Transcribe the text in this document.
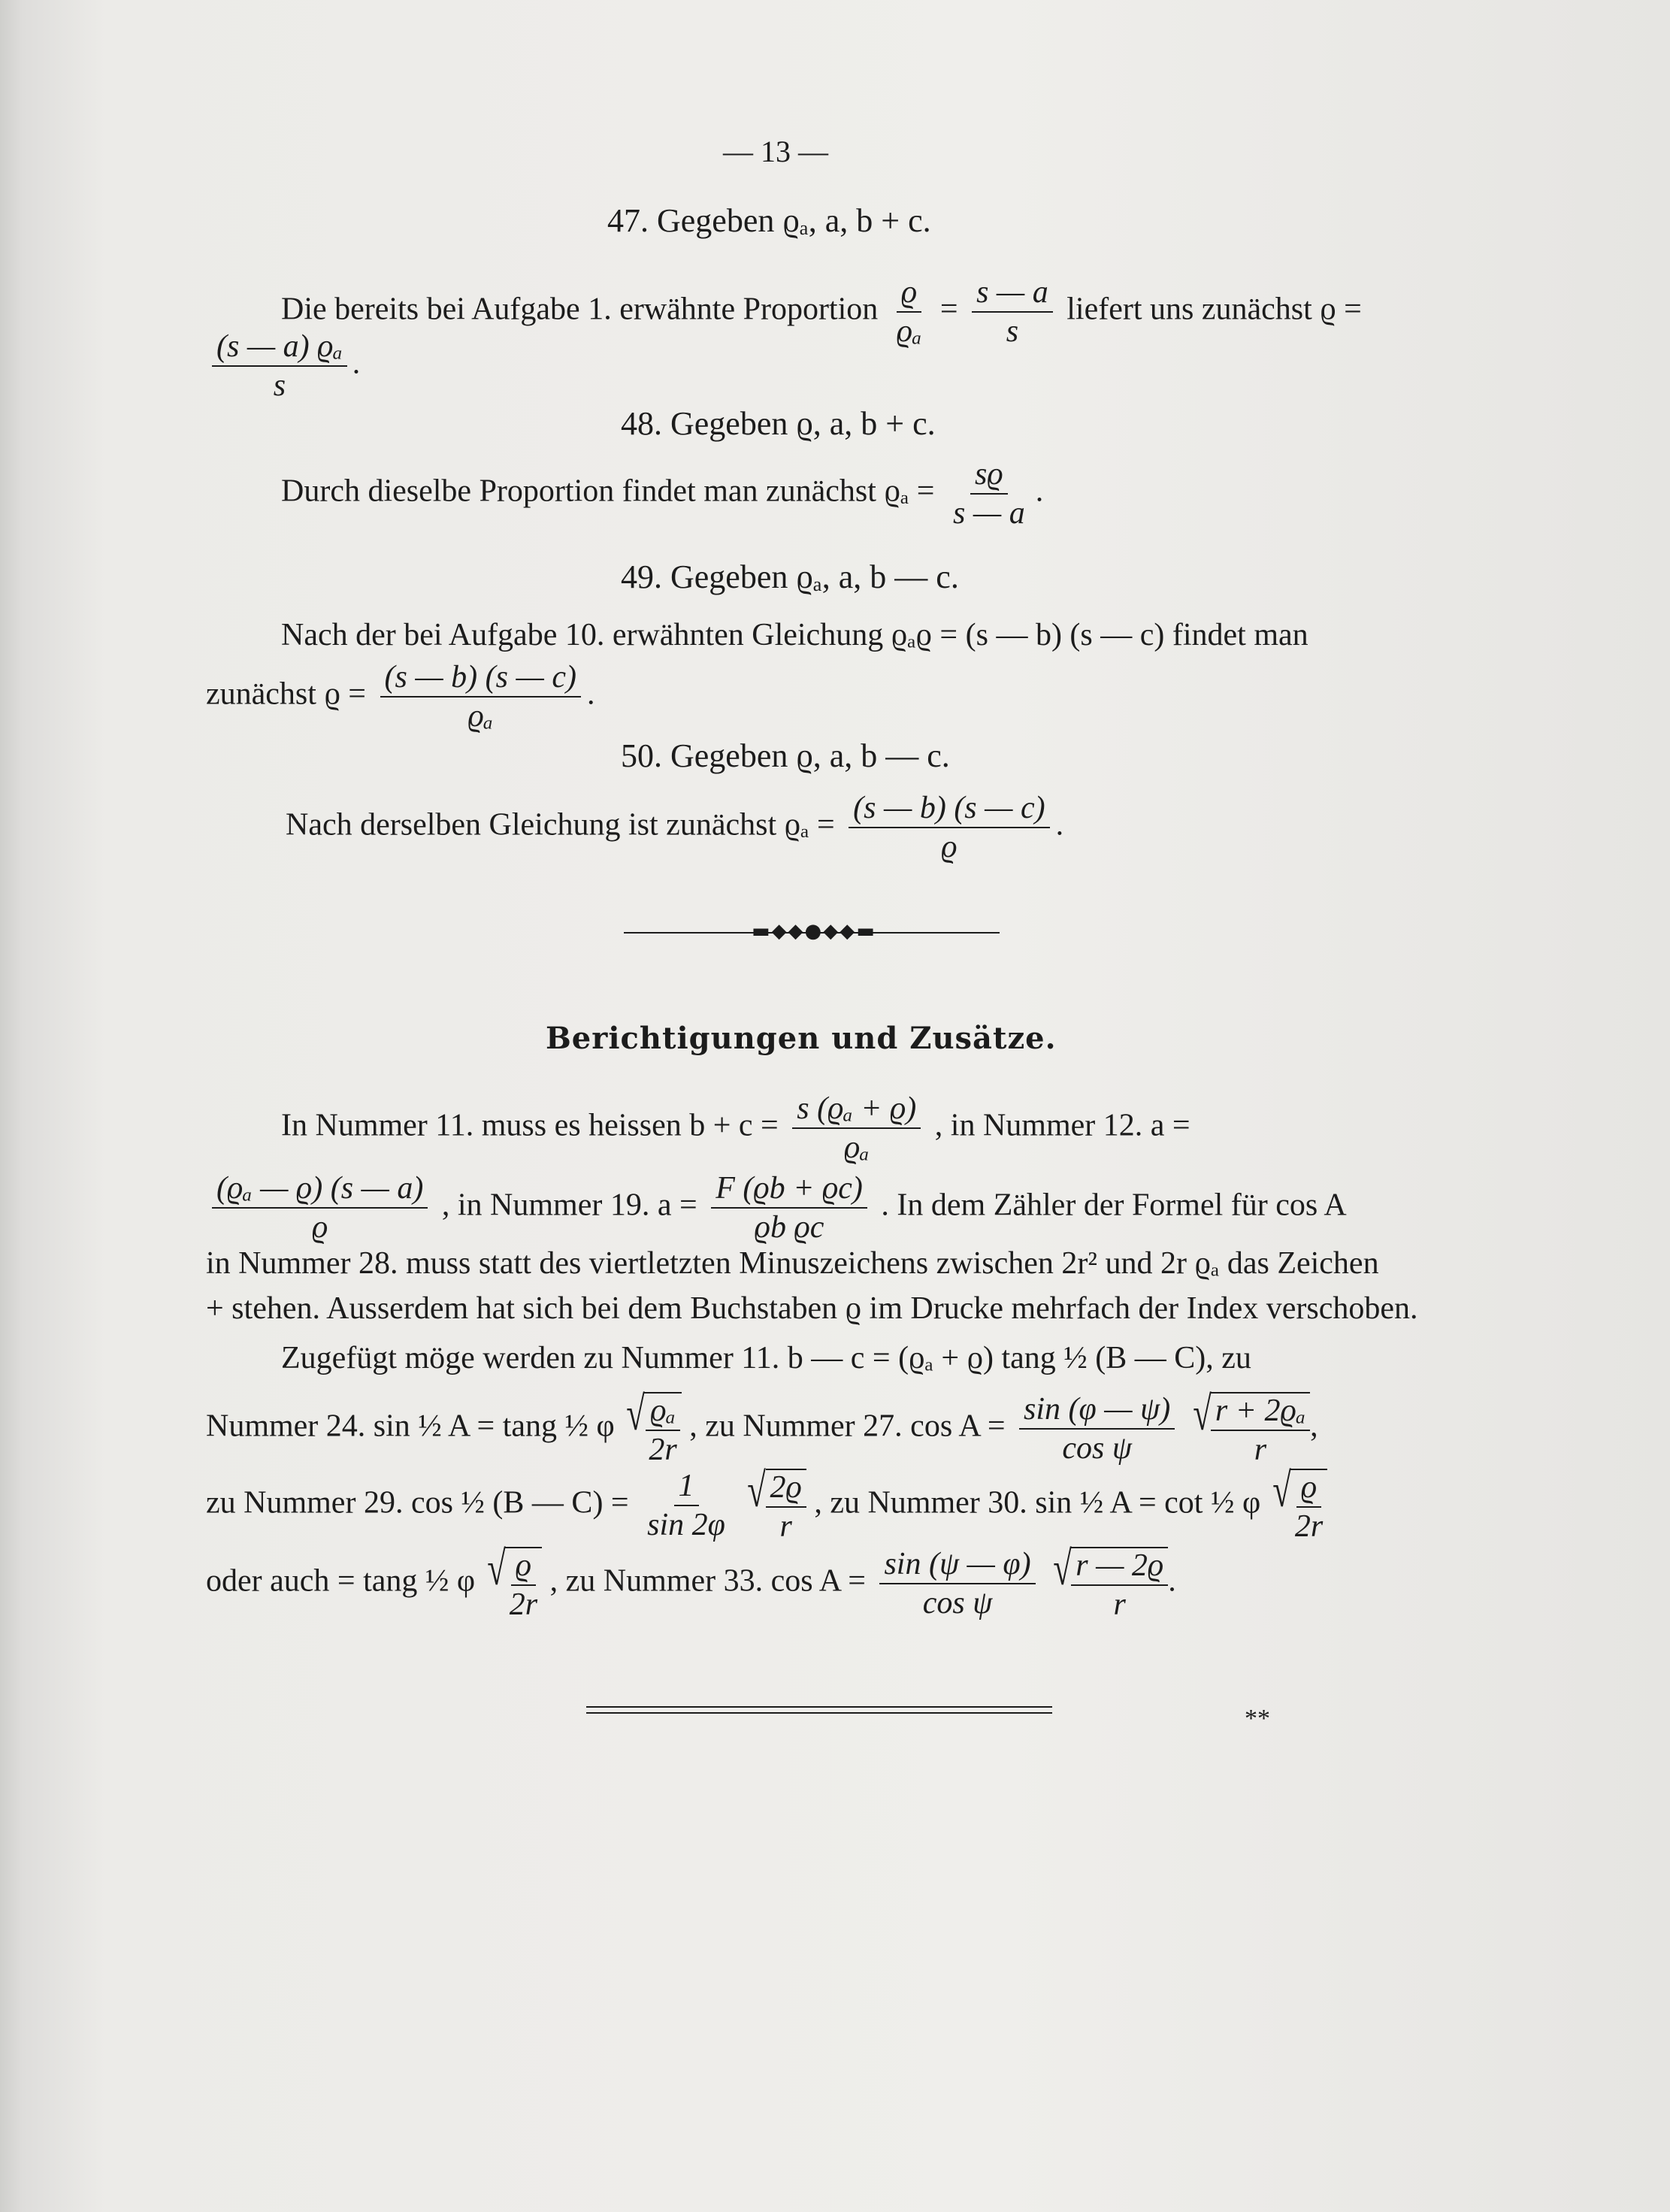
— 13 —
47. Gegeben ϱₐ, a, b + c.
Die bereits bei Aufgabe 1. erwähnte Proportion $\frac{ϱ}{\text{ϱₐ}} = \frac{s — a}{s}$ liefert uns zunächst ϱ =
$\frac{\text{(s — a) ϱₐ}}{s}$ .
48. Gegeben ϱ, a, b + c.
Durch dieselbe Proportion findet man zunächst $ϱ_a = \frac{sϱ}{s — a}$ .
49. Gegeben ϱₐ, a, b — c.
Nach der bei Aufgabe 10. erwähnten Gleichung ϱₐϱ = (s — b) (s — c) findet man
zunächst $ϱ = \frac{(s — b) (s — c)}{\text{ϱₐ}}$ .
50. Gegeben ϱ, a, b — c.
Nach derselben Gleichung ist zunächst $ϱ_a = \frac{(s — b) (s — c)}{ϱ}$ .
▬◆◆●◆◆▬
Berichtigungen und Zusätze.
In Nummer 11. muss es heissen $b + c = \frac{\text{s (ϱₐ + ϱ)}}{\text{ϱₐ}}$ , in Nummer 12. a =
$\frac{\text{(ϱₐ — ϱ) (s — a)}}{ϱ}$ , in Nummer 19. $a = \frac{F (ϱb + ϱc)}{\text{ϱb ϱc}}$ . In dem Zähler der Formel für cos A
in Nummer 28. muss statt des viertletzten Minuszeichens zwischen 2r² und 2r ϱₐ das Zeichen
+ stehen. Ausserdem hat sich bei dem Buchstaben ϱ im Drucke mehrfach der Index verschoben.
Zugefügt möge werden zu Nummer 11. b — c = (ϱₐ + ϱ) tang ½ (B — C), zu
Nummer 24. sin ½ A = tang ½ φ √ $\frac{\text{ϱₐ}}{2r}$ , zu Nummer 27. $\cos A = \frac{\sin (\varphi — \psi)}{\text{cos ψ}}$
√ $\frac{\text{r + 2ϱₐ}}{r}$ ,
zu Nummer 29. cos ½ (B — $C) = \frac{1}{\sin 2\varphi}$
√ $\frac{2ϱ}{r}$ , zu Nummer 30. sin ½ A = cot ½ φ √ $\frac{ϱ}{2r}$
oder auch = tang ½ φ √ $\frac{ϱ}{2r}$ , zu Nummer 33. $\cos A = \frac{\sin (\psi — \varphi)}{\text{cos ψ}}$
√ $\frac{r — 2ϱ}{r}$ .
**
